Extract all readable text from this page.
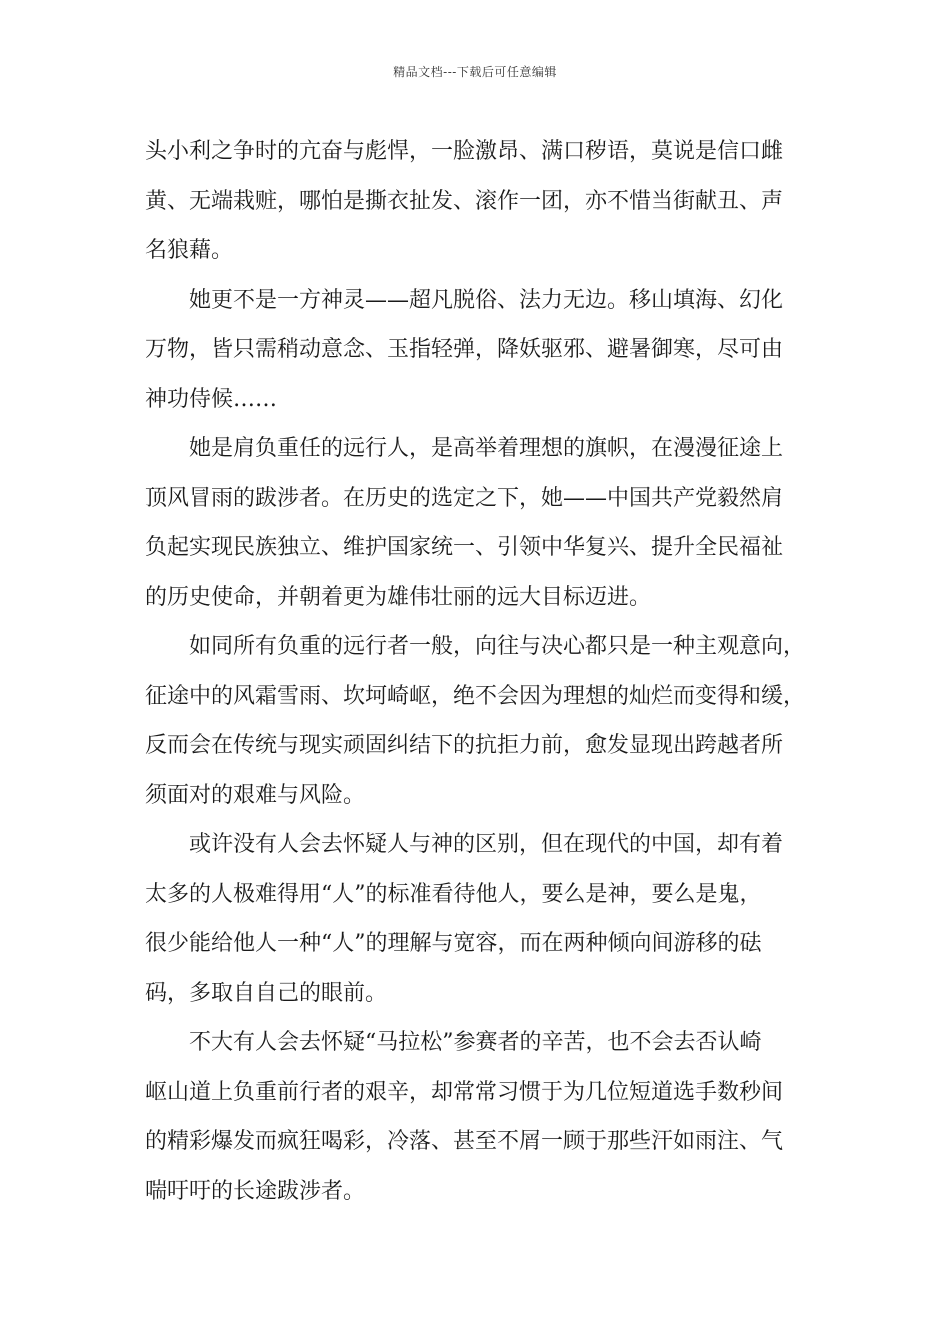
精品文档---下载后可任意编辑
头小利之争时的亢奋与彪悍，一脸激昂、满口秽语，莫说是信口雌
黄、无端栽赃，哪怕是撕衣扯发、滚作一团，亦不惜当街献丑、声
名狼藉。
她更不是一方神灵——超凡脱俗、法力无边。移山填海、幻化
万物，皆只需稍动意念、玉指轻弹，降妖驱邪、避暑御寒，尽可由
神功侍候……
她是肩负重任的远行人，是高举着理想的旗帜，在漫漫征途上
顶风冒雨的跋涉者。在历史的选定之下，她——中国共产党毅然肩
负起实现民族独立、维护国家统一、引领中华复兴、提升全民福祉
的历史使命，并朝着更为雄伟壮丽的远大目标迈进。
如同所有负重的远行者一般，向往与决心都只是一种主观意向，
征途中的风霜雪雨、坎坷崎岖，绝不会因为理想的灿烂而变得和缓，
反而会在传统与现实顽固纠结下的抗拒力前，愈发显现出跨越者所
须面对的艰难与风险。
或许没有人会去怀疑人与神的区别，但在现代的中国，却有着
太多的人极难得用“人”的标准看待他人，要么是神，要么是鬼，
很少能给他人一种“人”的理解与宽容，而在两种倾向间游移的砝
码，多取自自己的眼前。
不大有人会去怀疑“马拉松”参赛者的辛苦，也不会去否认崎
岖山道上负重前行者的艰辛，却常常习惯于为几位短道选手数秒间
的精彩爆发而疯狂喝彩，冷落、甚至不屑一顾于那些汗如雨注、气
喘吁吁的长途跋涉者。
